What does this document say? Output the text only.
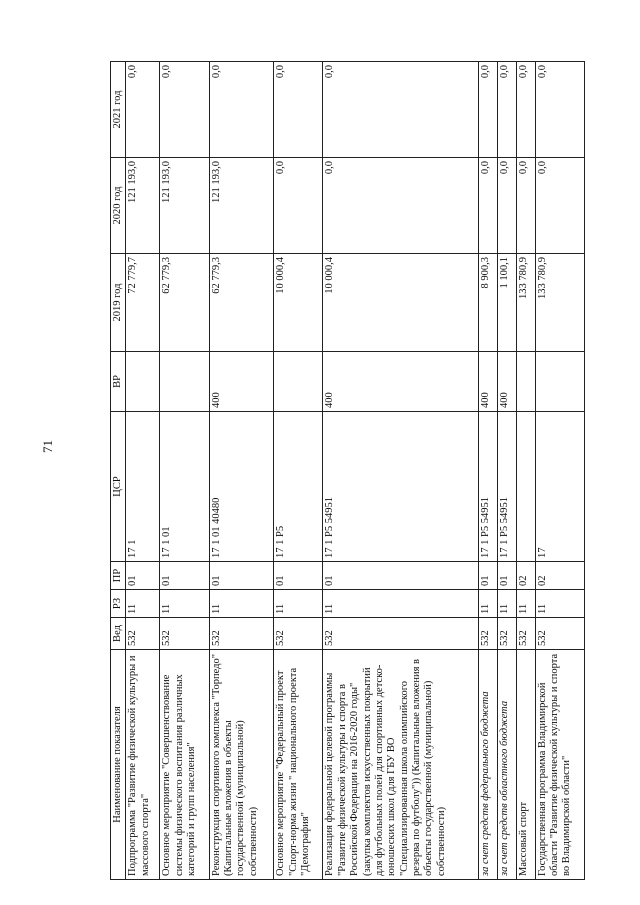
71
Наименование показателя	Вед	РЗ	ПР	ЦСР	ВР	2019 год	2020 год	2021 год
Подпрограмма "Развитие физической культуры и массового спорта"	532	11	01	17 1		72 779,7	121 193,0	0,0
Основное мероприятие "Совершенствование системы физического воспитания различных категорий и групп населения"	532	11	01	17 1 01		62 779,3	121 193,0	0,0
Реконструкция спортивного комплекса "Торпедо" (Капитальные вложения в объекты государственной (муниципальной) собственности)	532	11	01	17 1 01 40480	400	62 779,3	121 193,0	0,0
Основное мероприятие "Федеральный проект "Спорт-норма жизни " национального проекта "Демография"	532	11	01	17 1 P5		10 000,4	0,0	0,0
Реализация федеральной целевой программы "Развитие физической культуры и спорта в Российской Федерации на 2016-2020 годы" (закупка комплектов искусственных покрытий для футбольных полей для спортивных детско-юношеских школ (для ГБУ ВО "Специализированная школа олимпийского резерва по футболу")) (Капитальные вложения в объекты государственной (муниципальной) собственности)	532	11	01	17 1 P5 54951	400	10 000,4	0,0	0,0
за счет средств федерального бюджета	532	11	01	17 1 P5 54951	400	8 900,3	0,0	0,0
за счет средств областного бюджета	532	11	01	17 1 P5 54951	400	1 100,1	0,0	0,0
Массовый спорт	532	11	02			133 780,9	0,0	0,0
Государственная программа Владимирской области "Развитие физической культуры и спорта во Владимирской области"	532	11	02	17		133 780,9	0,0	0,0
